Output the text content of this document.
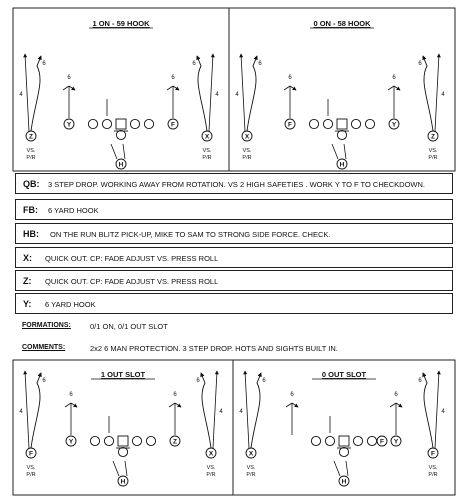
1 ON - 59 HOOK
H
6
4
6
4
Z	X
VS.
P/R
VS.
P/R
Y	F
6	6
0 ON - 58 HOOK
H
6
4
6
4
X	Z
VS.
P/R
VS.
P/R
F	Y
6	6
1 OUT SLOT
H
6
4
6
4
F	X
VS.
P/R
VS.
P/R
Y	Z
6	6
0 OUT SLOT
H
6
4
6
4
X	F
VS.
P/R
VS.
P/R
Y
F
6	6
QB: 3 STEP DROP. WORKING AWAY FROM ROTATION. VS 2 HIGH SAFETIES . WORK Y TO F TO CHECKDOWN.
FB: 6 YARD HOOK
HB: ON THE RUN BLITZ PICK-UP, MIKE TO SAM TO STRONG SIDE FORCE. CHECK.
X: QUICK OUT. CP: FADE ADJUST VS. PRESS ROLL
Z: QUICK OUT. CP: FADE ADJUST VS. PRESS ROLL
Y: 6 YARD HOOK
FORMATIONS:	0/1 ON, 0/1 OUT SLOT
COMMENTS:	2x2 6 MAN PROTECTION. 3 STEP DROP. HOTS AND SIGHTS BUILT IN.
